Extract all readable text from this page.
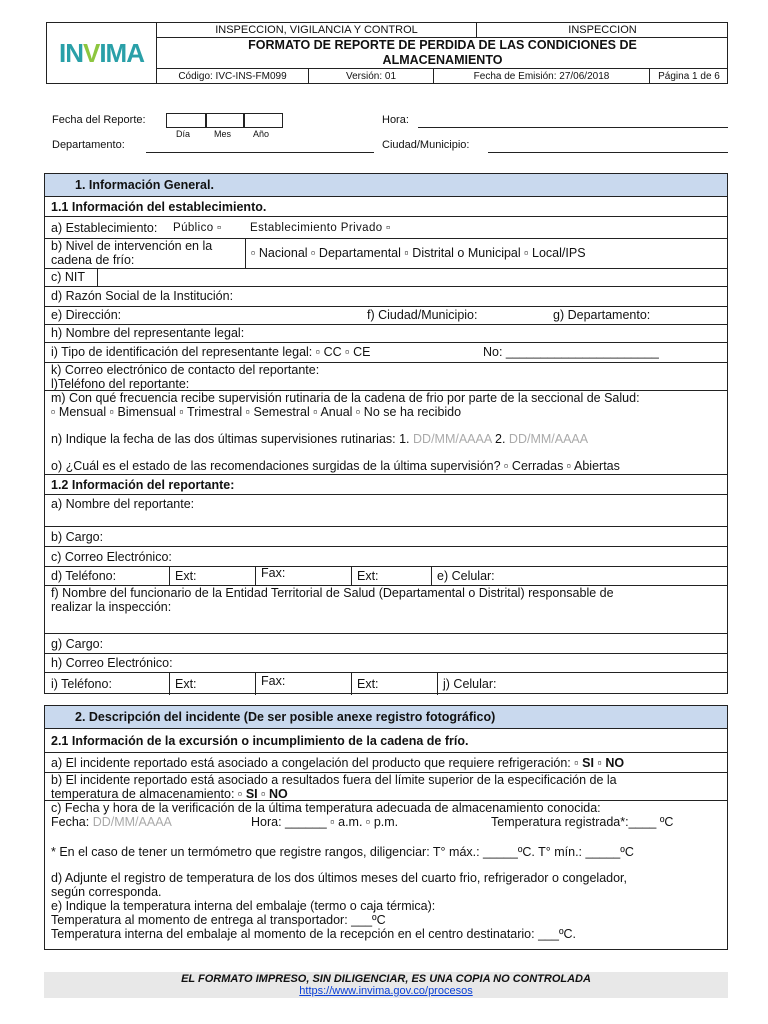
INVIMA
INSPECCION, VIGILANCIA Y CONTROL	INSPECCION
FORMATO DE REPORTE DE PERDIDA DE LAS CONDICIONES DE
ALMACENAMIENTO
Código: IVC-INS-FM099	Versión: 01	Fecha de Emisión: 27/06/2018	Página 1 de 6
Fecha del Reporte:
Día	Mes Año
Hora:
Departamento:	Ciudad/Municipio:
1. Información General.
1.1 Información del establecimiento.
a) Establecimiento: Público ▫ Establecimiento Privado ▫
b) Nivel de intervención en la
cadena de frío:	▫ Nacional ▫ Departamental ▫ Distrital o Municipal ▫ Local/IPS
c) NIT
d) Razón Social de la Institución:
e) Dirección:	f) Ciudad/Municipio:	g) Departamento:
h) Nombre del representante legal:
i) Tipo de identificación del representante legal: ▫ CC ▫ CE	No: ______________________
k) Correo electrónico de contacto del reportante:
l)Teléfono del reportante:
m) Con qué frecuencia recibe supervisión rutinaria de la cadena de frio por parte de la seccional de Salud:
▫ Mensual ▫ Bimensual ▫ Trimestral ▫ Semestral ▫ Anual ▫ No se ha recibido
n) Indique la fecha de las dos últimas supervisiones rutinarias: 1. DD/MM/AAAA 2. DD/MM/AAAA
o) ¿Cuál es el estado de las recomendaciones surgidas de la última supervisión? ▫ Cerradas ▫ Abiertas
1.2 Información del reportante:
a) Nombre del reportante:
b) Cargo:
c) Correo Electrónico:
d) Teléfono:	Ext:	Fax:	Ext:	e) Celular:
f) Nombre del funcionario de la Entidad Territorial de Salud (Departamental o Distrital) responsable de
realizar la inspección:
g) Cargo:
h) Correo Electrónico:
i) Teléfono:	Ext:	Fax:	Ext:	j) Celular:
2. Descripción del incidente (De ser posible anexe registro fotográfico)
2.1 Información de la excursión o incumplimiento de la cadena de frío.
a) El incidente reportado está asociado a congelación del producto que requiere refrigeración: ▫ SI ▫ NO
b) El incidente reportado está asociado a resultados fuera del límite superior de la especificación de la
temperatura de almacenamiento: ▫ SI ▫ NO
c) Fecha y hora de la verificación de la última temperatura adecuada de almacenamiento conocida:
Fecha: DD/MM/AAAA	Hora: ______ ▫ a.m. ▫ p.m.	Temperatura registrada*:____ ºC
* En el caso de tener un termómetro que registre rangos, diligenciar: T° máx.: _____ºC. T° mín.: _____ºC
d) Adjunte el registro de temperatura de los dos últimos meses del cuarto frio, refrigerador o congelador,
según corresponda.
e) Indique la temperatura interna del embalaje (termo o caja térmica):
Temperatura al momento de entrega al transportador: ___ºC
Temperatura interna del embalaje al momento de la recepción en el centro destinatario: ___ºC.
EL FORMATO IMPRESO, SIN DILIGENCIAR, ES UNA COPIA NO CONTROLADA
https://www.invima.gov.co/procesos
